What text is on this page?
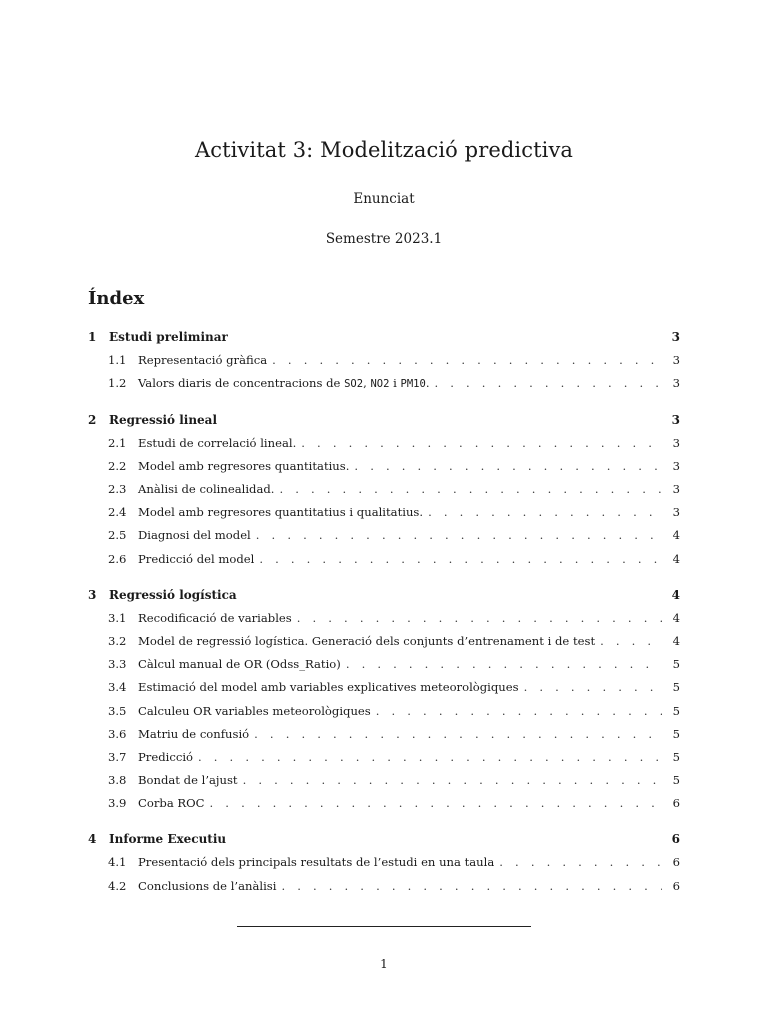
Activitat 3: Modelització predictiva
Enunciat
Semestre 2023.1
Índex
1	Estudi preliminar	3
1.1 Representació gràfica . . .	3
1.2 Valors diaris de concentracions de SO2, NO2 i PM10. . . .	3
2	Regressió lineal	3
2.1 Estudi de correlació lineal. . . .	3
2.2 Model amb regresores quantitatius. . . .	3
2.3 Anàlisi de colinealidad. . . .	3
2.4 Model amb regresores quantitatius i qualitatius. . . .	3
2.5 Diagnosi del model . . .	4
2.6 Predicció del model . . .	4
3	Regressió logística	4
3.1 Recodificació de variables . . .	4
3.2 Model de regressió logística. Generació dels conjunts d’entrenament i de test . . .	4
3.3 Càlcul manual de OR (Odss_Ratio) . . .	5
3.4 Estimació del model amb variables explicatives meteorològiques . . .	5
3.5 Calculeu OR variables meteorològiques . . .	5
3.6 Matriu de confusió . . .	5
3.7 Predicció . . .	5
3.8 Bondat de l’ajust . . .	5
3.9 Corba ROC . . .	6
4	Informe Executiu	6
4.1 Presentació dels principals resultats de l’estudi en una taula . . .	6
4.2 Conclusions de l’anàlisi . . .	6
1
